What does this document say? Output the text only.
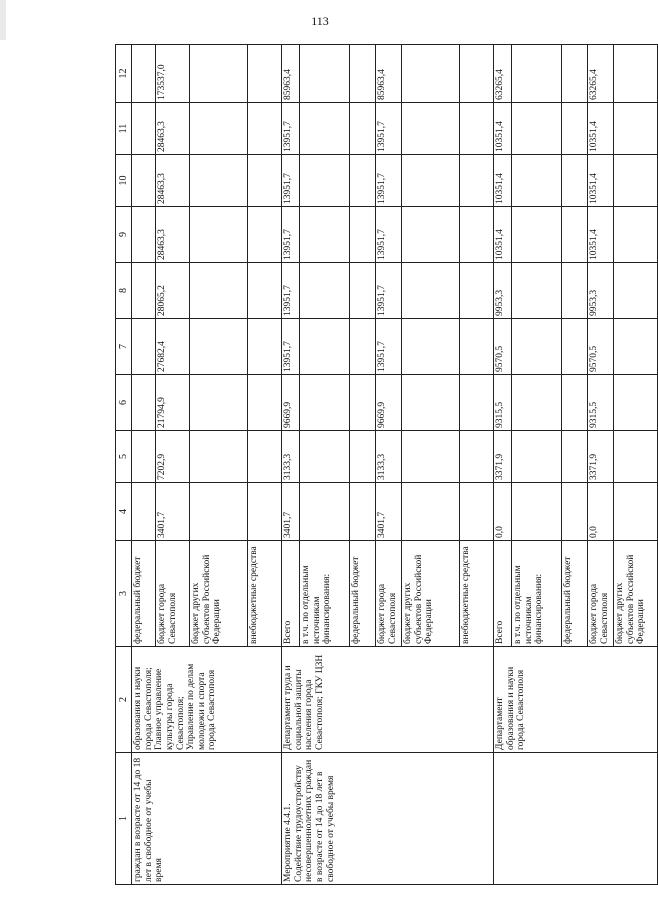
113
1	2	3	4	5	6	7	8	9	10	11	12
граждан в возрасте от 14 до 18 лет в свободное от учебы время	образования и науки города Севастополя; Главное управление культуры города Севастополя; Управление по делам молодежи и спорта города Севастополя	федеральный бюджет									
		бюджет города Севастополя	3401,7	7202,9	21794,9	27682,4	28065,2	28463,3	28463,3	28463,3	173537,0
		бюджет других субъектов Российской Федерации									
		внебюджетные средства									
Мероприятие 4.4.1. Содействие трудоустройству несовершеннолетних граждан в возрасте от 14 до 18 лет в свободное от учебы время	Департамент труда и социальной защиты населения города Севастополя; ГКУ ЦЗН	Всего	3401,7	3133,3	9669,9	13951,7	13951,7	13951,7	13951,7	13951,7	85963,4
		в т.ч. по отдельным источникам финансирования:									
		федеральный бюджет									
		бюджет города Севастополя	3401,7	3133,3	9669,9	13951,7	13951,7	13951,7	13951,7	13951,7	85963,4
		бюджет других субъектов Российской Федерации									
		внебюджетные средства									
	Департамент образования и науки города Севастополя	Всего	0,0	3371,9	9315,5	9570,5	9953,3	10351,4	10351,4	10351,4	63265,4
		в т.ч. по отдельным источникам финансирования:									
		федеральный бюджет									
		бюджет города Севастополя	0,0	3371,9	9315,5	9570,5	9953,3	10351,4	10351,4	10351,4	63265,4
		бюджет других субъектов Российской Федерации									
